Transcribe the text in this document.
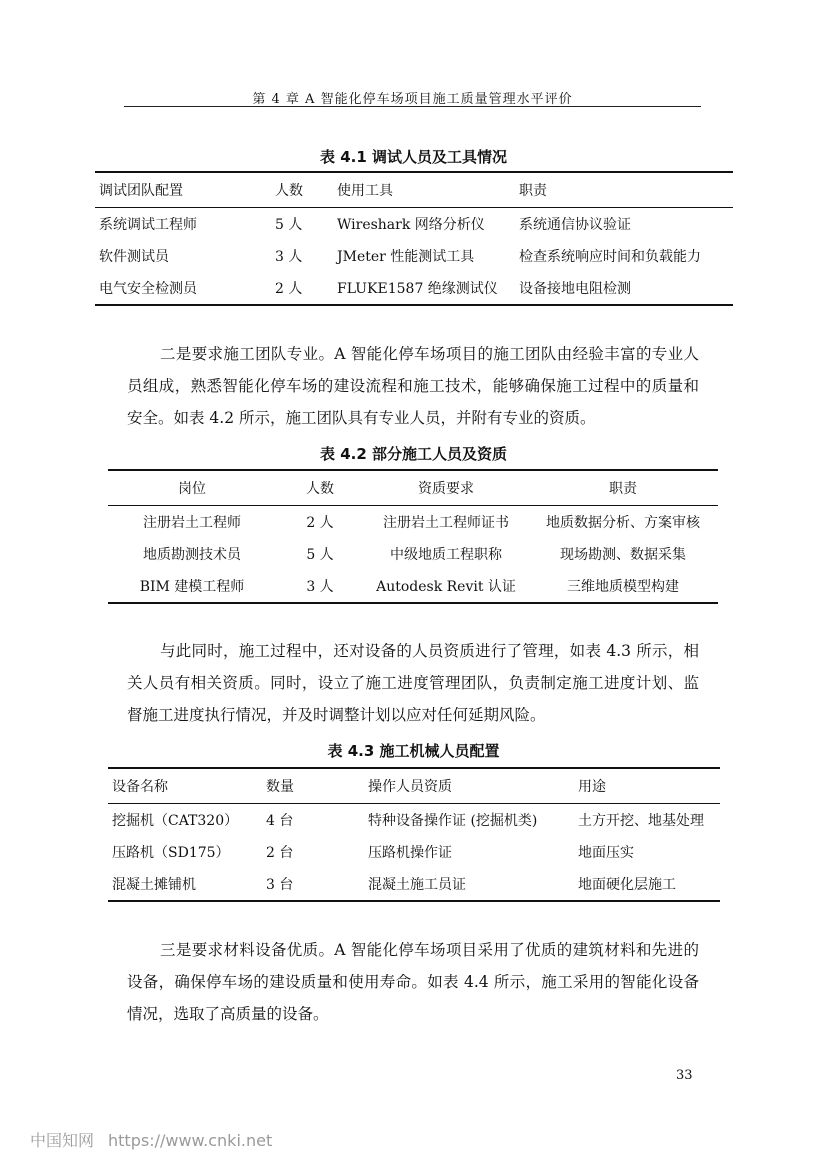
第 4 章 A 智能化停车场项目施工质量管理水平评价
表 4.1 调试人员及工具情况
调试团队配置	人数	使用工具	职责
系统调试工程师	5 人	Wireshark 网络分析仪	系统通信协议验证
软件测试员	3 人	JMeter 性能测试工具	检查系统响应时间和负载能力
电气安全检测员	2 人	FLUKE1587 绝缘测试仪	设备接地电阻检测

二是要求施工团队专业。A 智能化停车场项目的施工团队由经验丰富的专业人员组成，熟悉智能化停车场的建设流程和施工技术，能够确保施工过程中的质量和安全。如表 4.2 所示，施工团队具有专业人员，并附有专业的资质。

表 4.2 部分施工人员及资质
岗位	人数	资质要求	职责
注册岩土工程师	2 人	注册岩土工程师证书	地质数据分析、方案审核
地质勘测技术员	5 人	中级地质工程职称	现场勘测、数据采集
BIM 建模工程师	3 人	Autodesk Revit 认证	三维地质模型构建

与此同时，施工过程中，还对设备的人员资质进行了管理，如表 4.3 所示，相关人员有相关资质。同时，设立了施工进度管理团队，负责制定施工进度计划、监督施工进度执行情况，并及时调整计划以应对任何延期风险。

表 4.3 施工机械人员配置
设备名称	数量	操作人员资质	用途
挖掘机（CAT320）	4 台	特种设备操作证 (挖掘机类)	土方开挖、地基处理
压路机（SD175）	2 台	压路机操作证	地面压实
混凝土摊铺机	3 台	混凝土施工员证	地面硬化层施工

三是要求材料设备优质。A 智能化停车场项目采用了优质的建筑材料和先进的设备，确保停车场的建设质量和使用寿命。如表 4.4 所示，施工采用的智能化设备情况，选取了高质量的设备。

33
中国知网 https://www.cnki.net
